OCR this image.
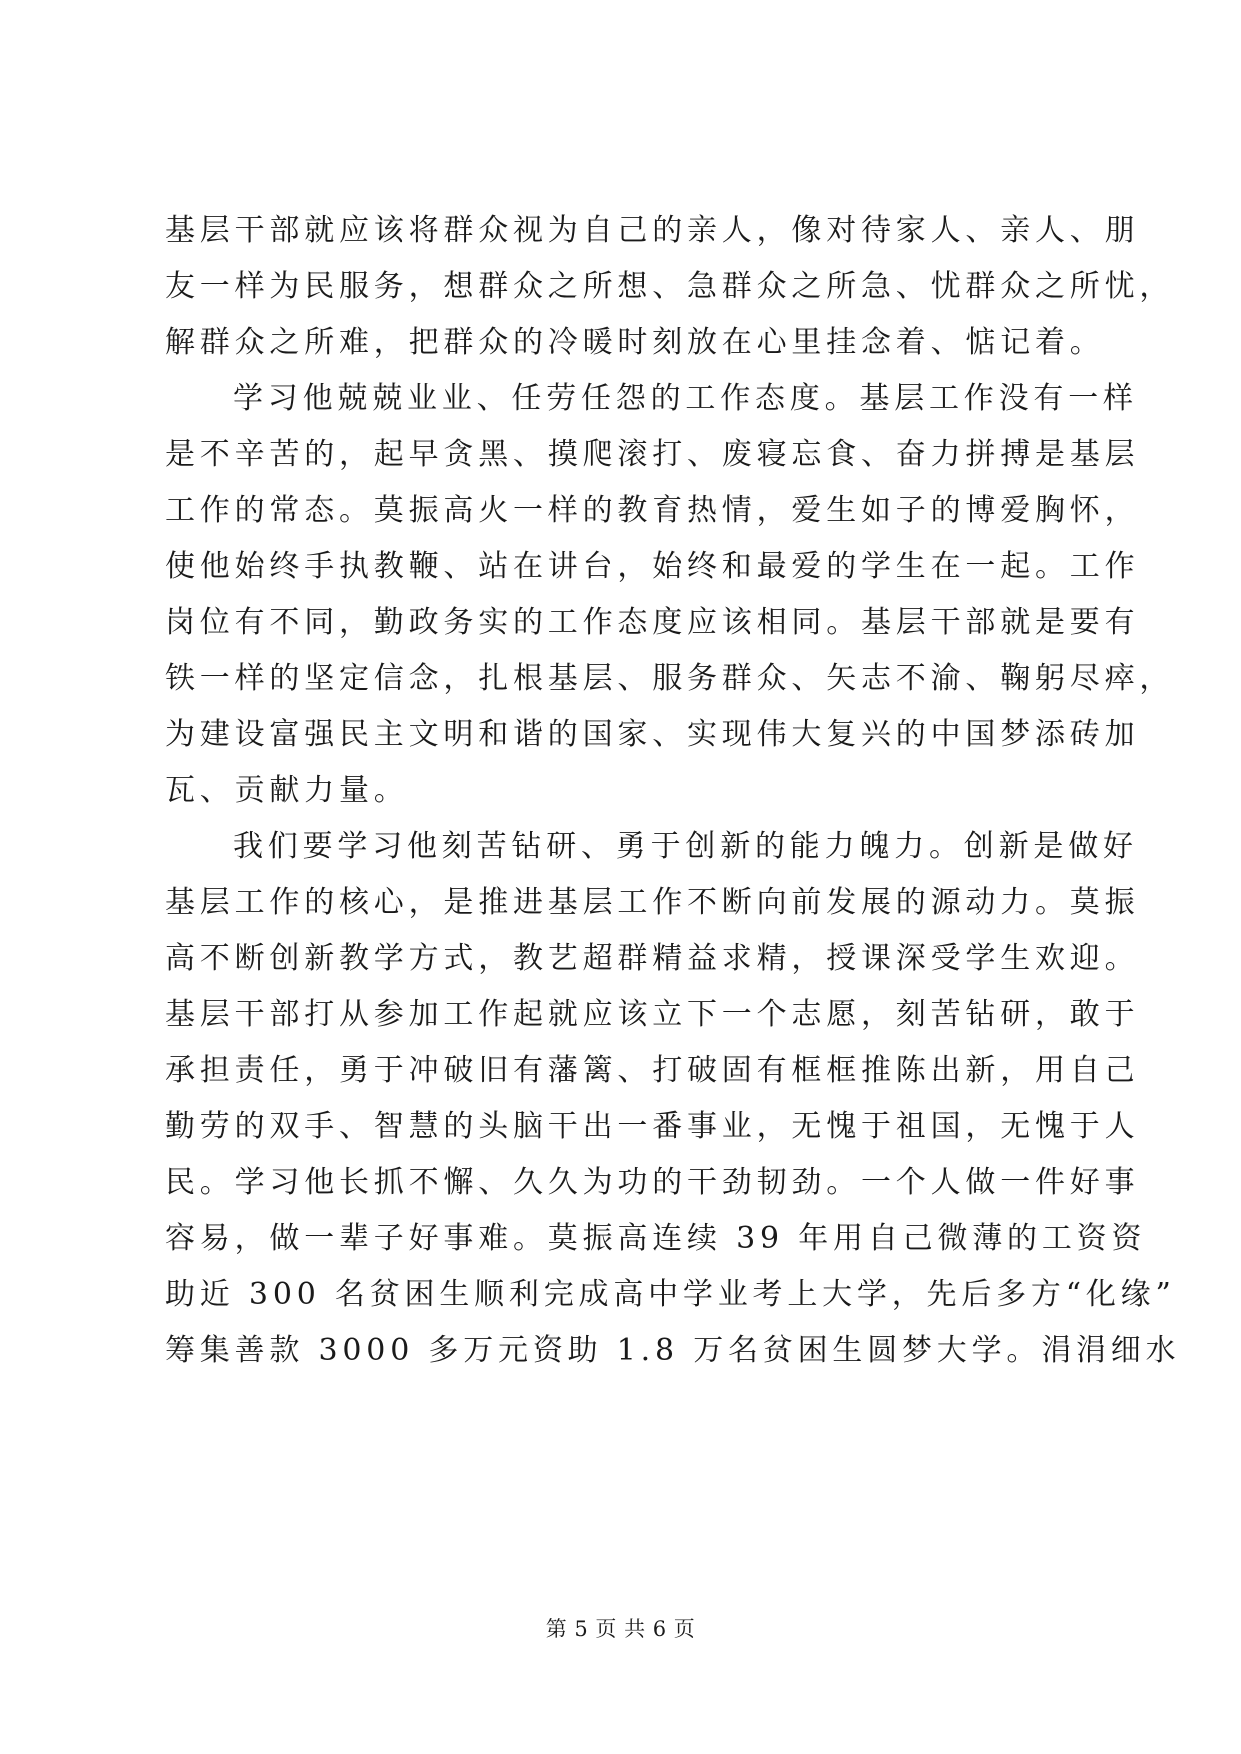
基层干部就应该将群众视为自己的亲人，像对待家人、亲人、朋
友一样为民服务，想群众之所想、急群众之所急、忧群众之所忧，
解群众之所难，把群众的冷暖时刻放在心里挂念着、惦记着。
学习他兢兢业业、任劳任怨的工作态度。基层工作没有一样
是不辛苦的，起早贪黑、摸爬滚打、废寝忘食、奋力拼搏是基层
工作的常态。莫振高火一样的教育热情，爱生如子的博爱胸怀，
使他始终手执教鞭、站在讲台，始终和最爱的学生在一起。工作
岗位有不同，勤政务实的工作态度应该相同。基层干部就是要有
铁一样的坚定信念，扎根基层、服务群众、矢志不渝、鞠躬尽瘁，
为建设富强民主文明和谐的国家、实现伟大复兴的中国梦添砖加
瓦、贡献力量。
我们要学习他刻苦钻研、勇于创新的能力魄力。创新是做好
基层工作的核心，是推进基层工作不断向前发展的源动力。莫振
高不断创新教学方式，教艺超群精益求精，授课深受学生欢迎。
基层干部打从参加工作起就应该立下一个志愿，刻苦钻研，敢于
承担责任，勇于冲破旧有藩篱、打破固有框框推陈出新，用自己
勤劳的双手、智慧的头脑干出一番事业，无愧于祖国，无愧于人
民。学习他长抓不懈、久久为功的干劲韧劲。一个人做一件好事
容易，做一辈子好事难。莫振高连续 39 年用自己微薄的工资资
助近 300 名贫困生顺利完成高中学业考上大学，先后多方“化缘”
筹集善款 3000 多万元资助 1.8 万名贫困生圆梦大学。涓涓细水
第 5 页 共 6 页
